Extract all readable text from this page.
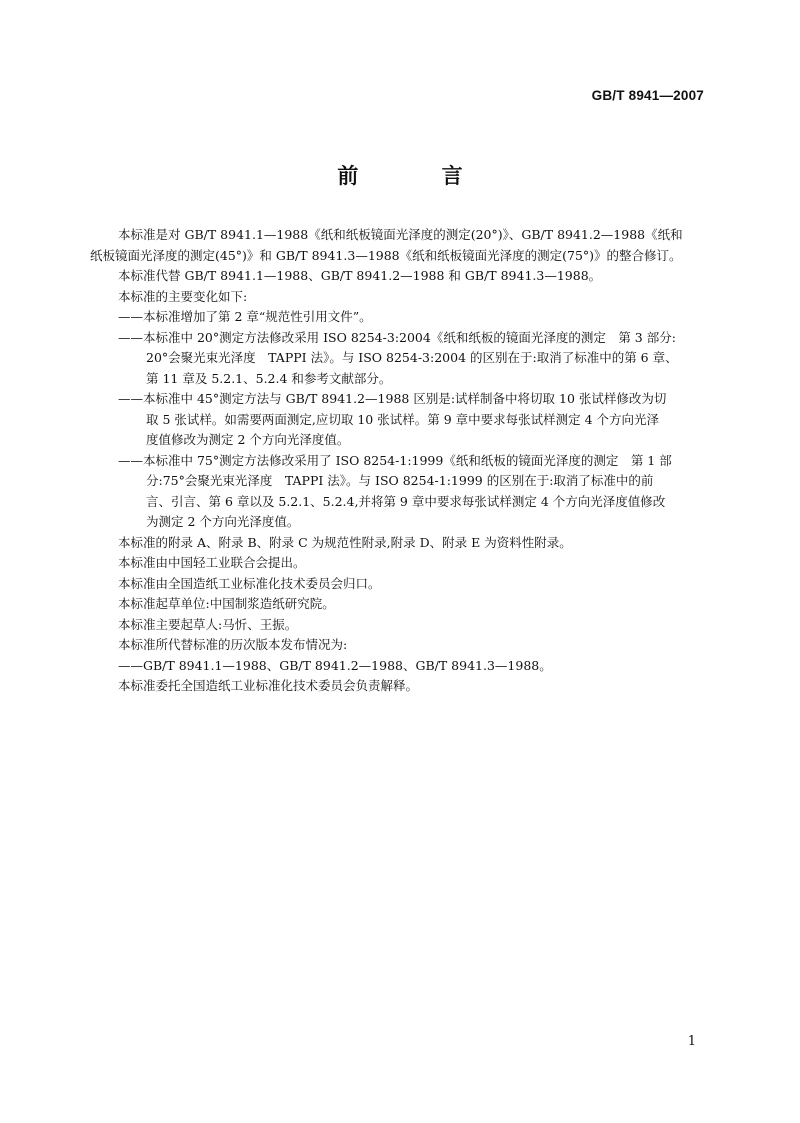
GB/T 8941—2007
前 言
本标准是对 GB/T 8941.1—1988《纸和纸板镜面光泽度的测定(20°)》、GB/T 8941.2—1988《纸和
纸板镜面光泽度的测定(45°)》和 GB/T 8941.3—1988《纸和纸板镜面光泽度的测定(75°)》的整合修订。
本标准代替 GB/T 8941.1—1988、GB/T 8941.2—1988 和 GB/T 8941.3—1988。
本标准的主要变化如下:
——本标准增加了第 2 章“规范性引用文件”。
——本标准中 20°测定方法修改采用 ISO 8254-3:2004《纸和纸板的镜面光泽度的测定　第 3 部分:
20°会聚光束光泽度　TAPPI 法》。与 ISO 8254-3:2004 的区别在于:取消了标准中的第 6 章、
第 11 章及 5.2.1、5.2.4 和参考文献部分。
——本标准中 45°测定方法与 GB/T 8941.2—1988 区别是:试样制备中将切取 10 张试样修改为切
取 5 张试样。如需要两面测定,应切取 10 张试样。第 9 章中要求每张试样测定 4 个方向光泽
度值修改为测定 2 个方向光泽度值。
——本标准中 75°测定方法修改采用了 ISO 8254-1:1999《纸和纸板的镜面光泽度的测定　第 1 部
分:75°会聚光束光泽度　TAPPI 法》。与 ISO 8254-1:1999 的区别在于:取消了标准中的前
言、引言、第 6 章以及 5.2.1、5.2.4,并将第 9 章中要求每张试样测定 4 个方向光泽度值修改
为测定 2 个方向光泽度值。
本标准的附录 A、附录 B、附录 C 为规范性附录,附录 D、附录 E 为资料性附录。
本标准由中国轻工业联合会提出。
本标准由全国造纸工业标准化技术委员会归口。
本标准起草单位:中国制浆造纸研究院。
本标准主要起草人:马忻、王振。
本标准所代替标准的历次版本发布情况为:
——GB/T 8941.1—1988、GB/T 8941.2—1988、GB/T 8941.3—1988。
本标准委托全国造纸工业标准化技术委员会负责解释。
1
